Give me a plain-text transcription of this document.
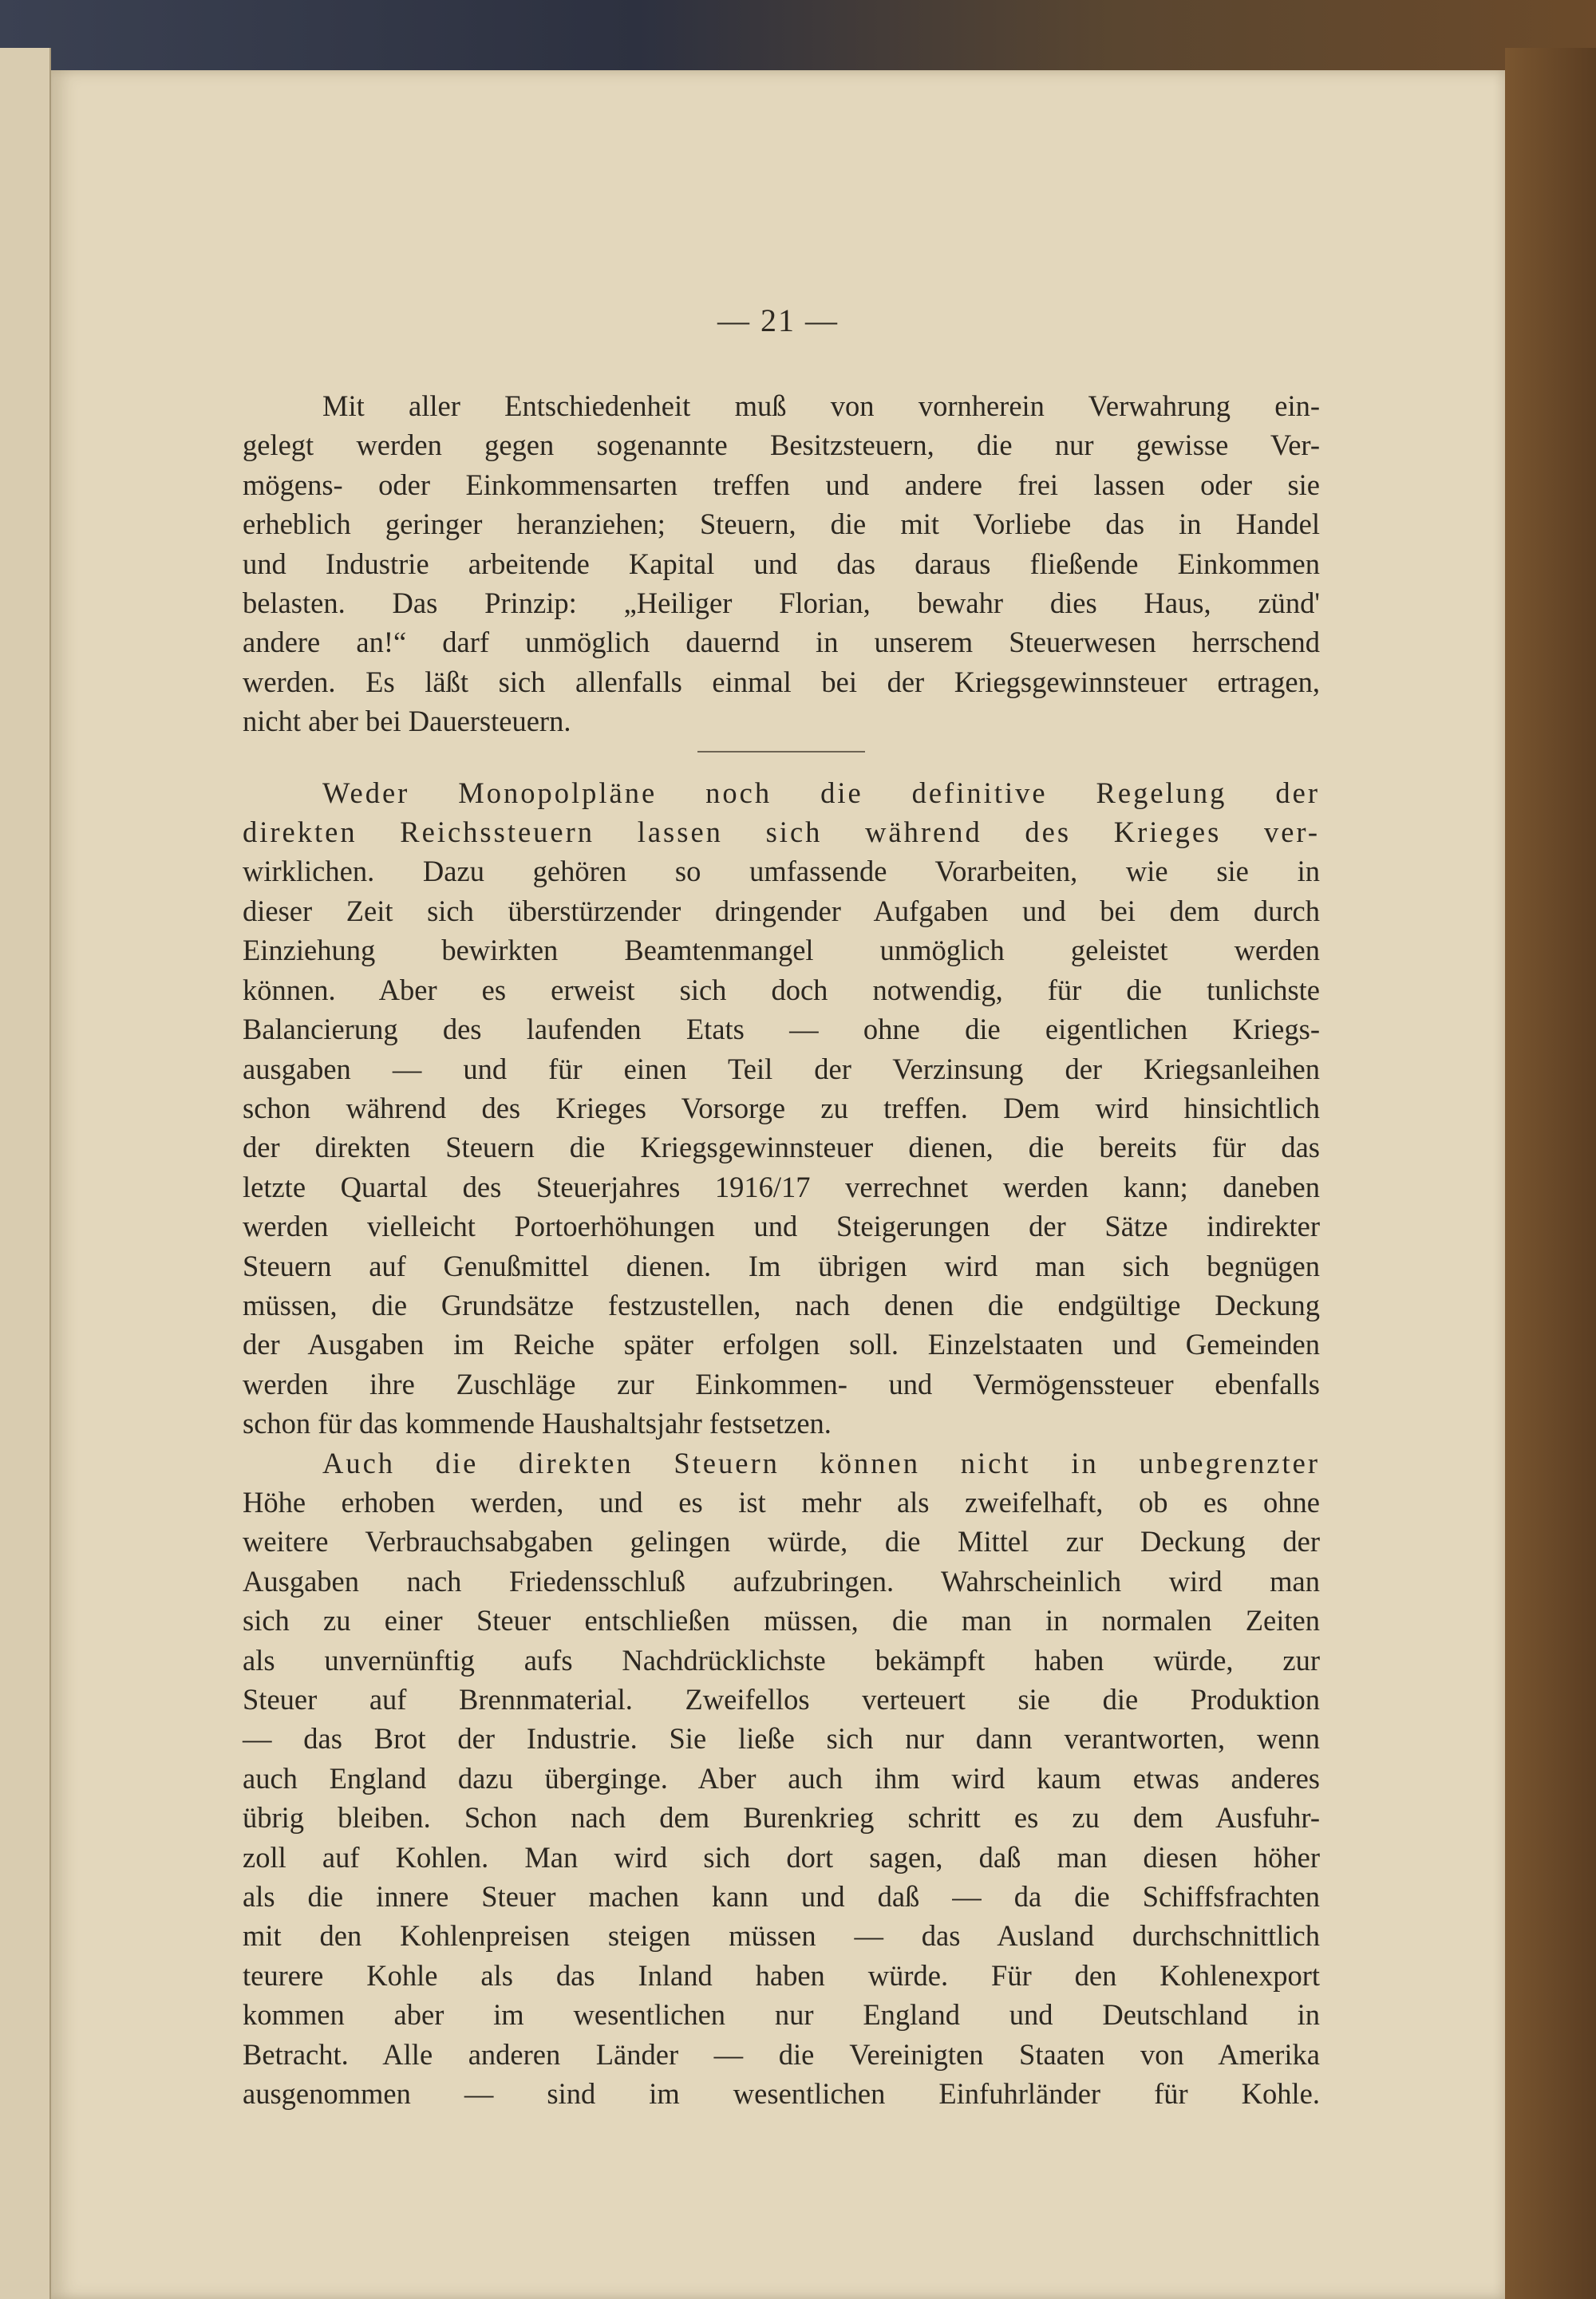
— 21 —

Mit aller Entschiedenheit muß von vornherein Verwahrung ein-
gelegt werden gegen sogenannte Besitzsteuern, die nur gewisse Ver-
mögens- oder Einkommensarten treffen und andere frei lassen oder sie
erheblich geringer heranziehen; Steuern, die mit Vorliebe das in Handel
und Industrie arbeitende Kapital und das daraus fließende Einkommen
belasten. Das Prinzip: „Heiliger Florian, bewahr dies Haus, zünd'
andere an!“ darf unmöglich dauernd in unserem Steuerwesen herrschend
werden. Es läßt sich allenfalls einmal bei der Kriegsgewinnsteuer ertragen,
nicht aber bei Dauersteuern.

Weder Monopolpläne noch die definitive Regelung der
direkten Reichssteuern lassen sich während des Krieges ver-
wirklichen. Dazu gehören so umfassende Vorarbeiten, wie sie in
dieser Zeit sich überstürzender dringender Aufgaben und bei dem durch
Einziehung bewirkten Beamtenmangel unmöglich geleistet werden
können. Aber es erweist sich doch notwendig, für die tunlichste
Balancierung des laufenden Etats — ohne die eigentlichen Kriegs-
ausgaben — und für einen Teil der Verzinsung der Kriegsanleihen
schon während des Krieges Vorsorge zu treffen. Dem wird hinsichtlich
der direkten Steuern die Kriegsgewinnsteuer dienen, die bereits für das
letzte Quartal des Steuerjahres 1916/17 verrechnet werden kann; daneben
werden vielleicht Portoerhöhungen und Steigerungen der Sätze indirekter
Steuern auf Genußmittel dienen. Im übrigen wird man sich begnügen
müssen, die Grundsätze festzustellen, nach denen die endgültige Deckung
der Ausgaben im Reiche später erfolgen soll. Einzelstaaten und Gemeinden
werden ihre Zuschläge zur Einkommen- und Vermögenssteuer ebenfalls
schon für das kommende Haushaltsjahr festsetzen.

Auch die direkten Steuern können nicht in unbegrenzter
Höhe erhoben werden, und es ist mehr als zweifelhaft, ob es ohne
weitere Verbrauchsabgaben gelingen würde, die Mittel zur Deckung der
Ausgaben nach Friedensschluß aufzubringen. Wahrscheinlich wird man
sich zu einer Steuer entschließen müssen, die man in normalen Zeiten
als unvernünftig aufs Nachdrücklichste bekämpft haben würde, zur
Steuer auf Brennmaterial. Zweifellos verteuert sie die Produktion
— das Brot der Industrie. Sie ließe sich nur dann verantworten, wenn
auch England dazu überginge. Aber auch ihm wird kaum etwas anderes
übrig bleiben. Schon nach dem Burenkrieg schritt es zu dem Ausfuhr-
zoll auf Kohlen. Man wird sich dort sagen, daß man diesen höher
als die innere Steuer machen kann und daß — da die Schiffsfrachten
mit den Kohlenpreisen steigen müssen — das Ausland durchschnittlich
teurere Kohle als das Inland haben würde. Für den Kohlenexport
kommen aber im wesentlichen nur England und Deutschland in
Betracht. Alle anderen Länder — die Vereinigten Staaten von Amerika
ausgenommen — sind im wesentlichen Einfuhrländer für Kohle.
